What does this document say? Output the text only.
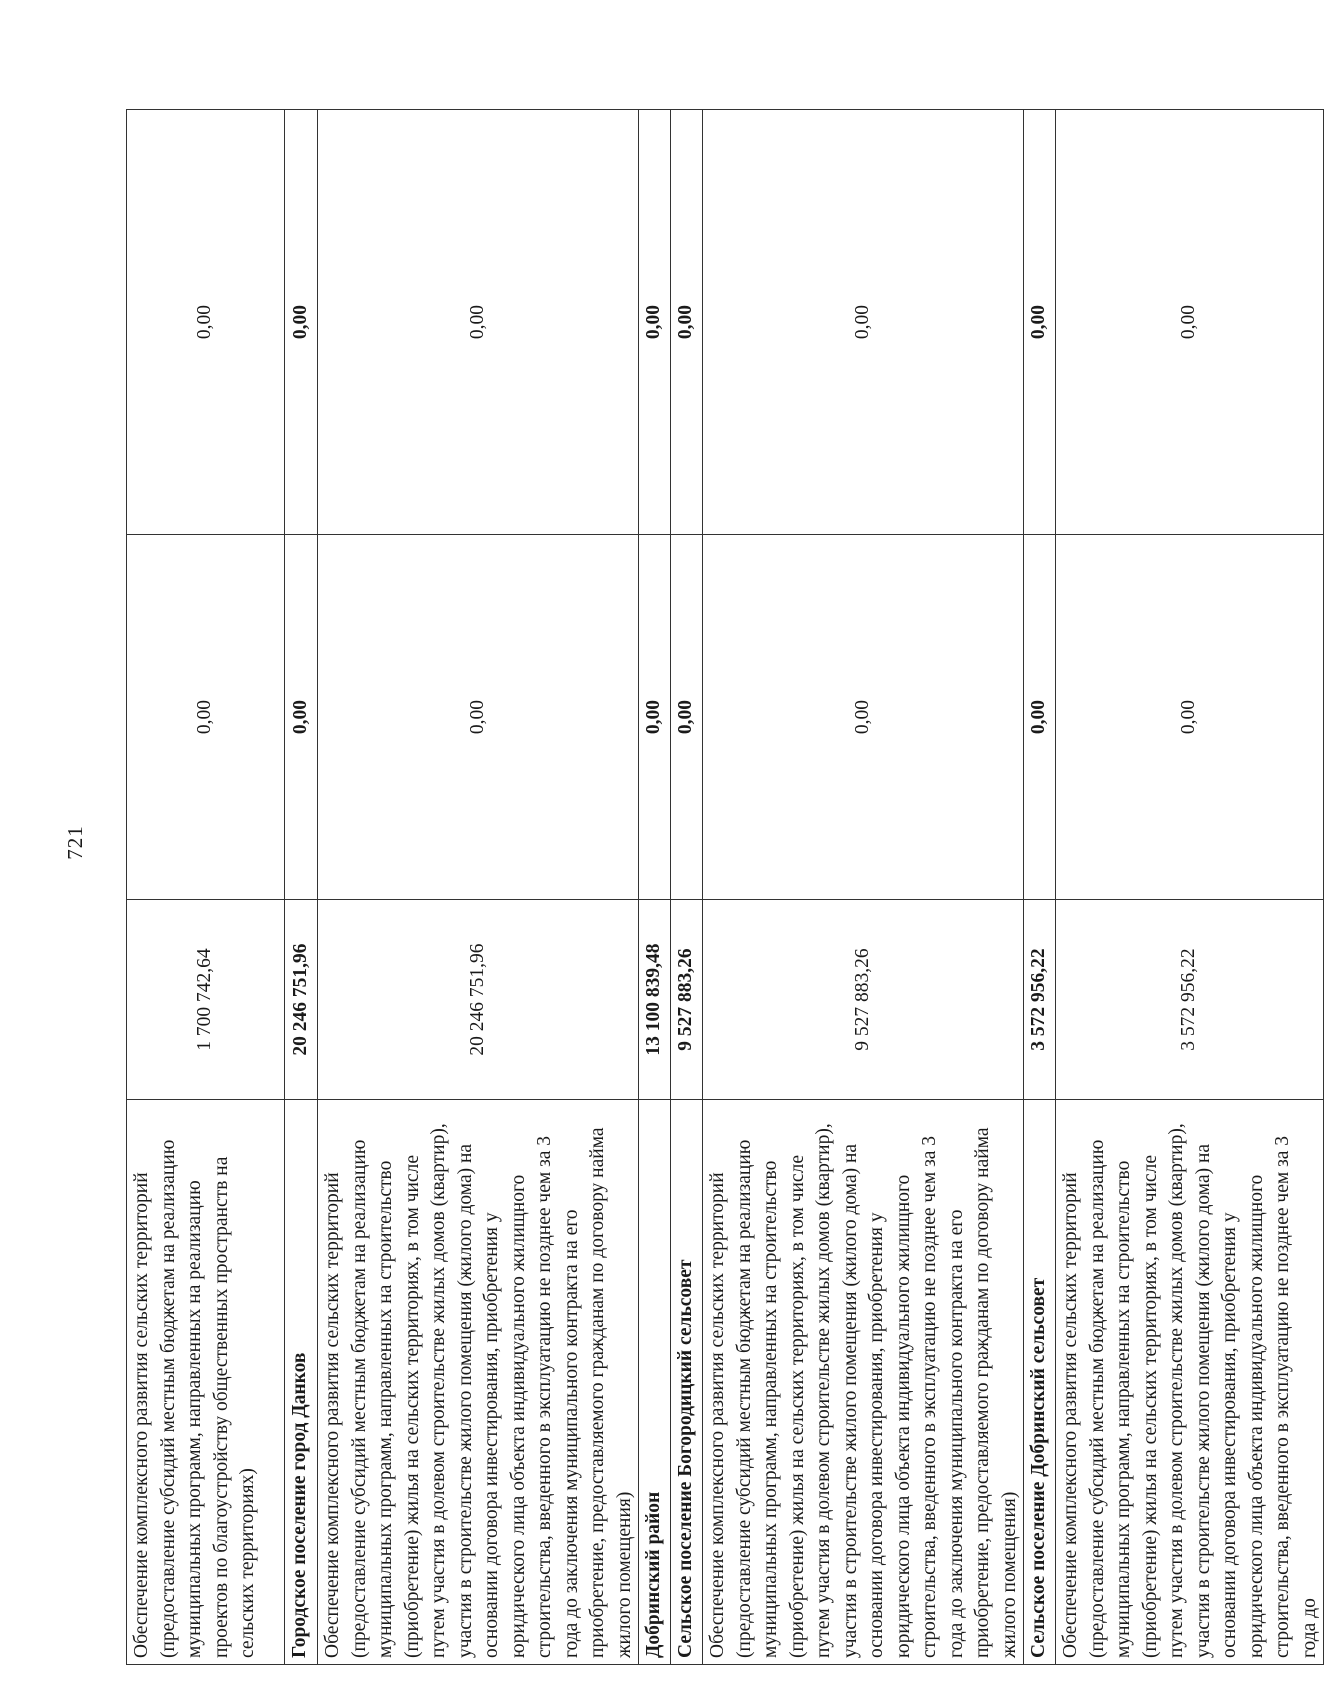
721
Обеспечение комплексного развития сельских территорий (предоставление субсидий местным бюджетам на реализацию муниципальных программ, направленных на реализацию проектов по благоустройству общественных пространств на сельских территориях)	1 700 742,64	0,00	0,00
Городское поселение город Данков	20 246 751,96	0,00	0,00
Обеспечение комплексного развития сельских территорий (предоставление субсидий местным бюджетам на реализацию муниципальных программ, направленных на строительство (приобретение) жилья на сельских территориях, в том числе путем участия в долевом строительстве жилых домов (квартир), участия в строительстве жилого помещения (жилого дома) на основании договора инвестирования, приобретения у юридического лица объекта индивидуального жилищного строительства, введенного в эксплуатацию не позднее чем за 3 года до заключения муниципального контракта на его приобретение, предоставляемого гражданам по договору найма жилого помещения)	20 246 751,96	0,00	0,00
Добринский район	13 100 839,48	0,00	0,00
Сельское поселение Богородицкий сельсовет	9 527 883,26	0,00	0,00
Обеспечение комплексного развития сельских территорий (предоставление субсидий местным бюджетам на реализацию муниципальных программ, направленных на строительство (приобретение) жилья на сельских территориях, в том числе путем участия в долевом строительстве жилых домов (квартир), участия в строительстве жилого помещения (жилого дома) на основании договора инвестирования, приобретения у юридического лица объекта индивидуального жилищного строительства, введенного в эксплуатацию не позднее чем за 3 года до заключения муниципального контракта на его приобретение, предоставляемого гражданам по договору найма жилого помещения)	9 527 883,26	0,00	0,00
Сельское поселение Добринский сельсовет	3 572 956,22	0,00	0,00
Обеспечение комплексного развития сельских территорий (предоставление субсидий местным бюджетам на реализацию муниципальных программ, направленных на строительство (приобретение) жилья на сельских территориях, в том числе путем участия в долевом строительстве жилых домов (квартир), участия в строительстве жилого помещения (жилого дома) на основании договора инвестирования, приобретения у юридического лица объекта индивидуального жилищного строительства, введенного в эксплуатацию не позднее чем за 3 года до	3 572 956,22	0,00	0,00
